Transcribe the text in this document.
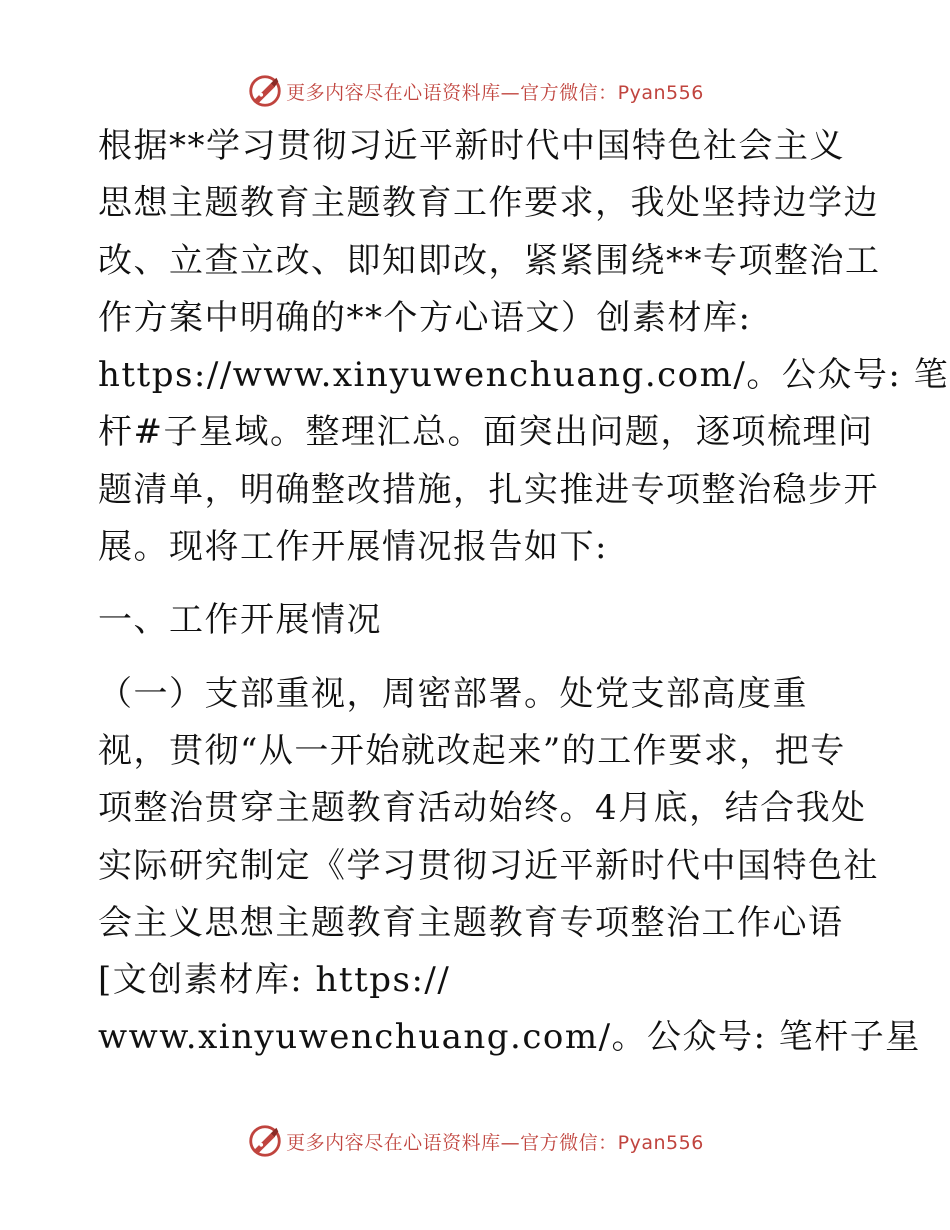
更多内容尽在心语资料库—官方微信：Pyan556
根据**学习贯彻习近平新时代中国特色社会主义
思想主题教育主题教育工作要求，我处坚持边学边
改、立查立改、即知即改，紧紧围绕**专项整治工
作方案中明确的**个方心语文）创素材库:
https://www.xinyuwenchuang.com/。公众号: 笔
杆#子星域。整理汇总。面突出问题，逐项梳理问
题清单，明确整改措施，扎实推进专项整治稳步开
展。现将工作开展情况报告如下:
一、工作开展情况
（一）支部重视，周密部署。处党支部高度重
视，贯彻“从一开始就改起来”的工作要求，把专
项整治贯穿主题教育活动始终。4月底，结合我处
实际研究制定《学习贯彻习近平新时代中国特色社
会主义思想主题教育主题教育专项整治工作心语
[文创素材库: https://
www.xinyuwenchuang.com/。公众号: 笔杆子星
更多内容尽在心语资料库—官方微信：Pyan556
